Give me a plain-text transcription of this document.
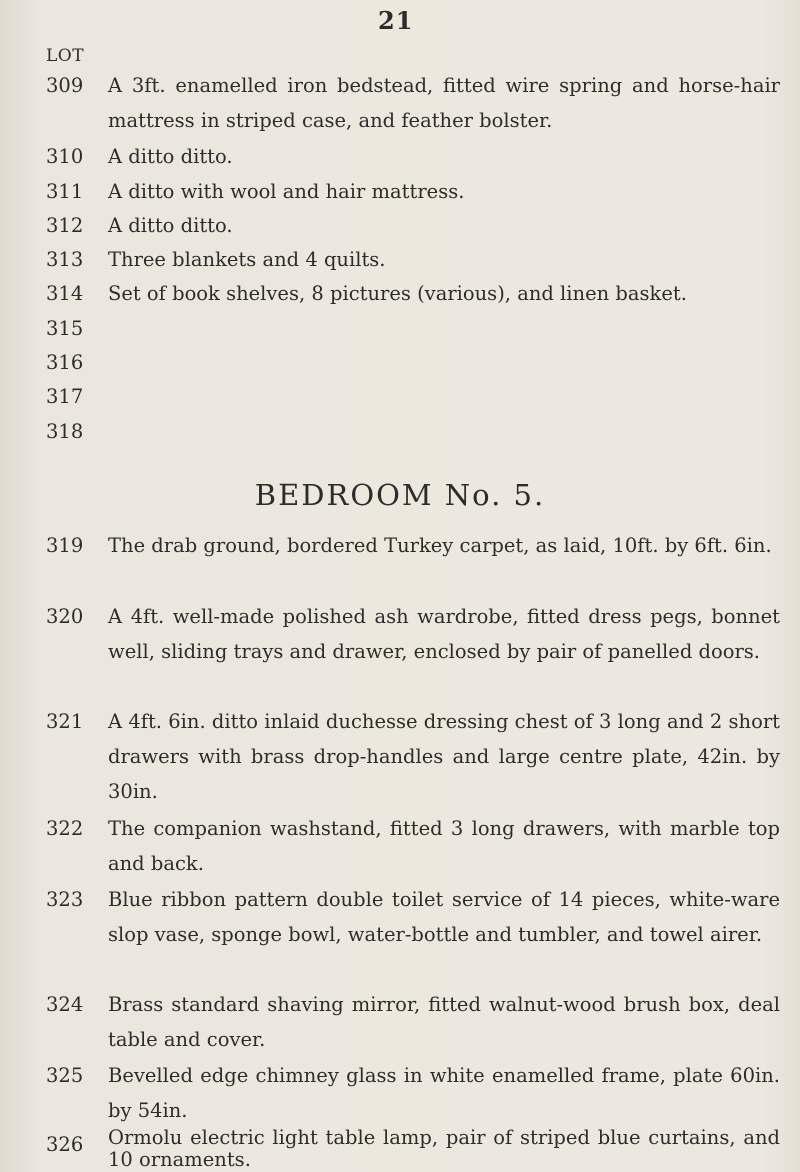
21
LOT
309	A 3ft. enamelled iron bedstead, fitted wire spring and horse-hair mattress in striped case, and feather bolster.
310	A ditto ditto.
311	A ditto with wool and hair mattress.
312	A ditto ditto.
313	Three blankets and 4 quilts.
314	Set of book shelves, 8 pictures (various), and linen basket.
315
316
317
318
BEDROOM No. 5.
319	The drab ground, bordered Turkey carpet, as laid, 10ft. by 6ft. 6in.
320	A 4ft. well-made polished ash wardrobe, fitted dress pegs, bonnet well, sliding trays and drawer, enclosed by pair of panelled doors.
321	A 4ft. 6in. ditto inlaid duchesse dressing chest of 3 long and 2 short drawers with brass drop-handles and large centre plate, 42in. by 30in.
322	The companion washstand, fitted 3 long drawers, with marble top and back.
323	Blue ribbon pattern double toilet service of 14 pieces, white-ware slop vase, sponge bowl, water-bottle and tumbler, and towel airer.
324	Brass standard shaving mirror, fitted walnut-wood brush box, deal table and cover.
325	Bevelled edge chimney glass in white enamelled frame, plate 60in. by 54in.
326	Ormolu electric light table lamp, pair of striped blue curtains, and 10 ornaments.
